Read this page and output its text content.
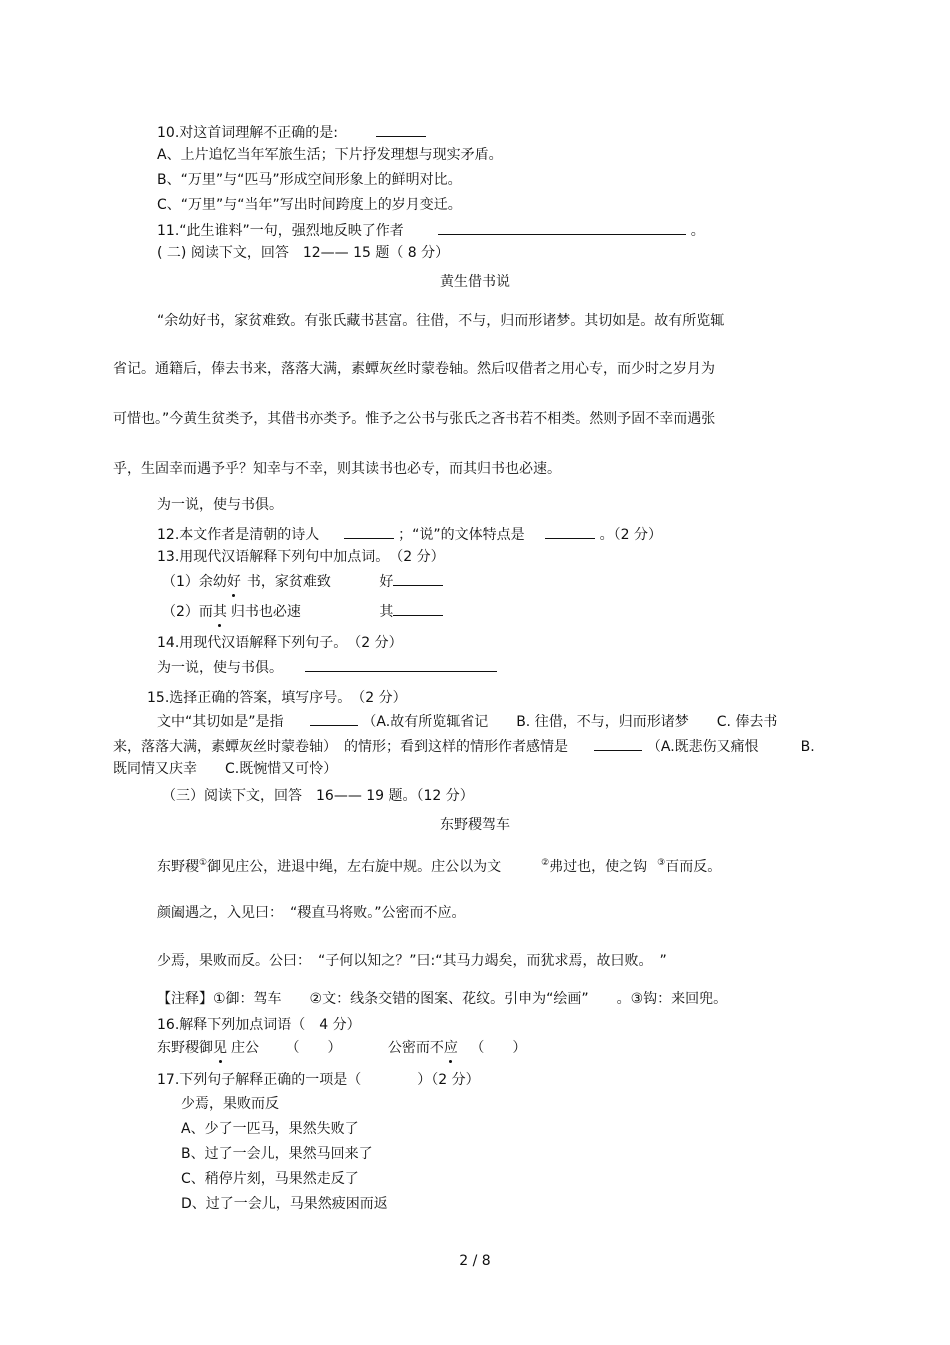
10.对这首词理解不正确的是:
A、上片追忆当年军旅生活；下片抒发理想与现实矛盾。
B、“万里”与“匹马”形成空间形象上的鲜明对比。
C、“万里”与“当年”写出时间跨度上的岁月变迁。
11.“此生谁料”一句，强烈地反映了作者	。
( 二) 阅读下文，回答　12—— 15 题（ 8 分）
黄生借书说
“余幼好书，家贫难致。有张氏藏书甚富。往借，不与，归而形诸梦。其切如是。故有所览辄
省记。通籍后，俸去书来，落落大满，素蟫灰丝时蒙卷轴。然后叹借者之用心专，而少时之岁月为
可惜也。”今黄生贫类予，其借书亦类予。惟予之公书与张氏之吝书若不相类。然则予固不幸而遇张
乎，生固幸而遇予乎？知幸与不幸，则其读书也必专，而其归书也必速。
为一说，使与书俱。
12.本文作者是清朝的诗人	；“说”的文体特点是	。（2 分）
13.用现代汉语解释下列句中加点词。　（2 分）
（1）余幼好 书，家贫难致	好
（2）而其 归书也必速	其
14.用现代汉语解释下列句子。　（2 分）
为一说，使与书俱。
15.选择正确的答案，填写序号。　（2 分）
文中“其切如是”是指	（A.故有所览辄省记　　B. 往借，不与，归而形诸梦　　C. 俸去书
来，落落大满，素蟫灰丝时蒙卷轴）　的情形；看到这样的情形作者感情是	（A.既悲伤又痛恨　　　B.
既同情又庆幸　　C.既惋惜又可怜）
（三）阅读下文，回答　16—— 19 题。（12 分）
东野稷驾车
东野稷①御见庄公，进退中绳，左右旋中规。庄公以为文	②弗过也，使之钩 ③百而反。
颜阖遇之，入见曰：　“稷直马将败。”公密而不应。
少焉，果败而反。公曰：　“子何以知之？”曰:“其马力竭矣，而犹求焉，故曰败。　”
【注释】①御：驾车　　②文：线条交错的图案、花纹。引申为“绘画”　　。③钩：来回兜。
16.解释下列加点词语（　4 分）
东野稷御见 庄公 （　　）	公密而不应 （　　）
17.下列句子解释正确的一项是（　　　　）（2 分）
少焉，果败而反
A、少了一匹马，果然失败了
B、过了一会儿，果然马回来了
C、稍停片刻，马果然走反了
D、过了一会儿，马果然疲困而返
2 / 8
